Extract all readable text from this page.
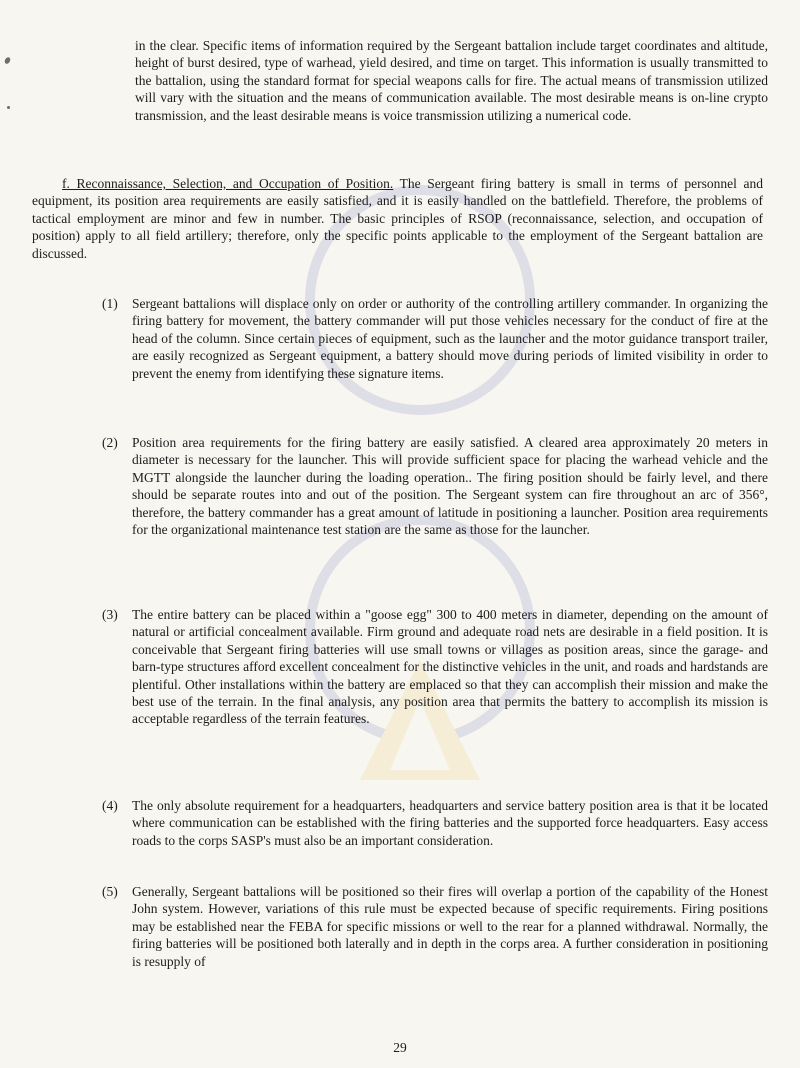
in the clear. Specific items of information required by the Sergeant battalion include target coordinates and altitude, height of burst desired, type of warhead, yield desired, and time on target. This information is usually transmitted to the battalion, using the standard format for special weapons calls for fire. The actual means of transmission utilized will vary with the situation and the means of communication available. The most desirable means is on-line crypto transmission, and the least desirable means is voice transmission utilizing a numerical code.
f. Reconnaissance, Selection, and Occupation of Position. The Sergeant firing battery is small in terms of personnel and equipment, its position area requirements are easily satisfied, and it is easily handled on the battlefield. Therefore, the problems of tactical employment are minor and few in number. The basic principles of RSOP (reconnaissance, selection, and occupation of position) apply to all field artillery; therefore, only the specific points applicable to the employment of the Sergeant battalion are discussed.
(1)	Sergeant battalions will displace only on order or authority of the controlling artillery commander. In organizing the firing battery for movement, the battery commander will put those vehicles necessary for the conduct of fire at the head of the column. Since certain pieces of equipment, such as the launcher and the motor guidance transport trailer, are easily recognized as Sergeant equipment, a battery should move during periods of limited visibility in order to prevent the enemy from identifying these signature items.
(2)	Position area requirements for the firing battery are easily satisfied. A cleared area approximately 20 meters in diameter is necessary for the launcher. This will provide sufficient space for placing the warhead vehicle and the MGTT alongside the launcher during the loading operation.. The firing position should be fairly level, and there should be separate routes into and out of the position. The Sergeant system can fire throughout an arc of 356°, therefore, the battery commander has a great amount of latitude in positioning a launcher. Position area requirements for the organizational maintenance test station are the same as those for the launcher.
(3)	The entire battery can be placed within a "goose egg" 300 to 400 meters in diameter, depending on the amount of natural or artificial concealment available. Firm ground and adequate road nets are desirable in a field position. It is conceivable that Sergeant firing batteries will use small towns or villages as position areas, since the garage- and barn-type structures afford excellent concealment for the distinctive vehicles in the unit, and roads and hardstands are plentiful. Other installations within the battery are emplaced so that they can accomplish their mission and make the best use of the terrain. In the final analysis, any position area that permits the battery to accomplish its mission is acceptable regardless of the terrain features.
(4)	The only absolute requirement for a headquarters, headquarters and service battery position area is that it be located where communication can be established with the firing batteries and the supported force headquarters. Easy access roads to the corps SASP's must also be an important consideration.
(5)	Generally, Sergeant battalions will be positioned so their fires will overlap a portion of the capability of the Honest John system. However, variations of this rule must be expected because of specific requirements. Firing positions may be established near the FEBA for specific missions or well to the rear for a planned withdrawal. Normally, the firing batteries will be positioned both laterally and in depth in the corps area. A further consideration in positioning is resupply of
29
